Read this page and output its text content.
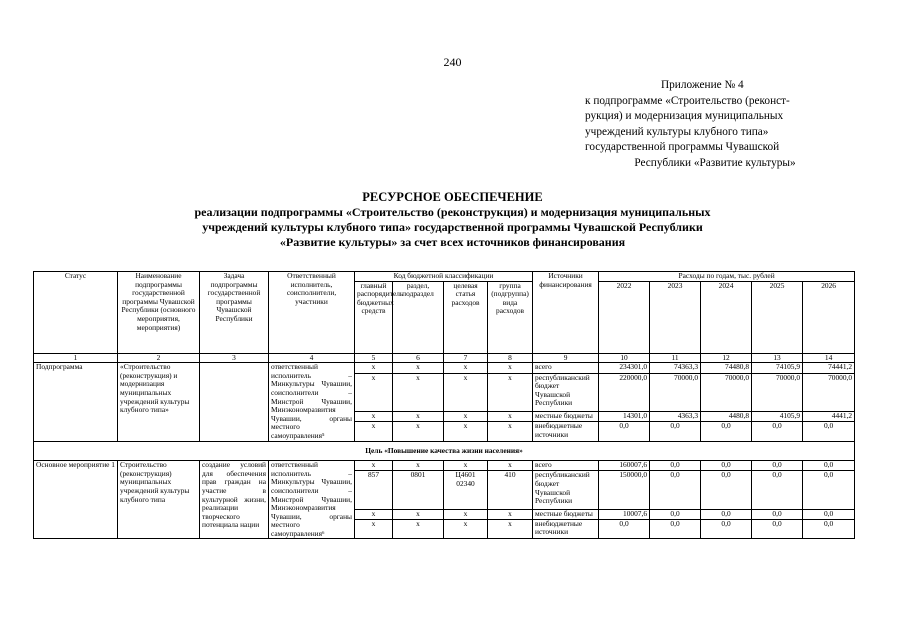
240
Приложение № 4
к подпрограмме «Строительство (реконст-
рукция) и модернизация муниципальных
учреждений культуры клубного типа»
государственной программы Чувашской
Республики «Развитие культуры»
РЕСУРСНОЕ ОБЕСПЕЧЕНИЕ
реализации подпрограммы «Строительство (реконструкция) и модернизация муниципальных
учреждений культуры клубного типа» государственной программы Чувашской Республики
«Развитие культуры» за счет всех источников финансирования
Статус	Наименование подпрограммы государственной программы Чувашской Республики (основного мероприятия, мероприятия)	Задача подпрограммы государственной программы Чувашской Республики	Ответственный исполнитель, соисполнители, участники	Код бюджетной классификации				Источники финансирования	Расходы по годам, тыс. рублей				
				главный распорядитель бюджетных средств	раздел, подраздел	целевая статья расходов	группа (подгруппа) вида расходов		2022	2023	2024	2025	2026
1	2	3	4	5	6	7	8	9	10	11	12	13	14
Подпрограмма	«Строительство (реконструкция) и модернизация муниципальных учреждений культуры клубного типа»		ответственный исполнитель – Минкультуры Чувашии, соисполнители – Минстрой Чувашии, Минэкономразвития Чувашии, органы местного самоуправления⁵	x	x	x	x	всего	234301,0	74363,3	74480,8	74105,9	74441,2
				x	x	x	x	республиканский бюджет Чувашской Республики	220000,0	70000,0	70000,0	70000,0	70000,0
				x	x	x	x	местные бюджеты	14301,0	4363,3	4480,8	4105,9	4441,2
				x	x	x	x	внебюджетные источники	0,0	0,0	0,0	0,0	0,0
Цель «Повышение качества жизни населения»													
Основное мероприятие 1	Строительство (реконструкция) муниципальных учреждений культуры клубного типа	создание условий для обеспечения прав граждан на участие в культурной жизни, реализации творческого потенциала нации	ответственный исполнитель – Минкультуры Чувашии, соисполнители – Минстрой Чувашии, Минэкономразвития Чувашии, органы местного самоуправления⁶	x	x	x	x	всего	160007,6	0,0	0,0	0,0	0,0
				857	0801	Ц4601 02340	410	республиканский бюджет Чувашской Республики	150000,0	0,0	0,0	0,0	0,0
				x	x	x	x	местные бюджеты	10007,6	0,0	0,0	0,0	0,0
				x	x	x	x	внебюджетные источники	0,0	0,0	0,0	0,0	0,0
